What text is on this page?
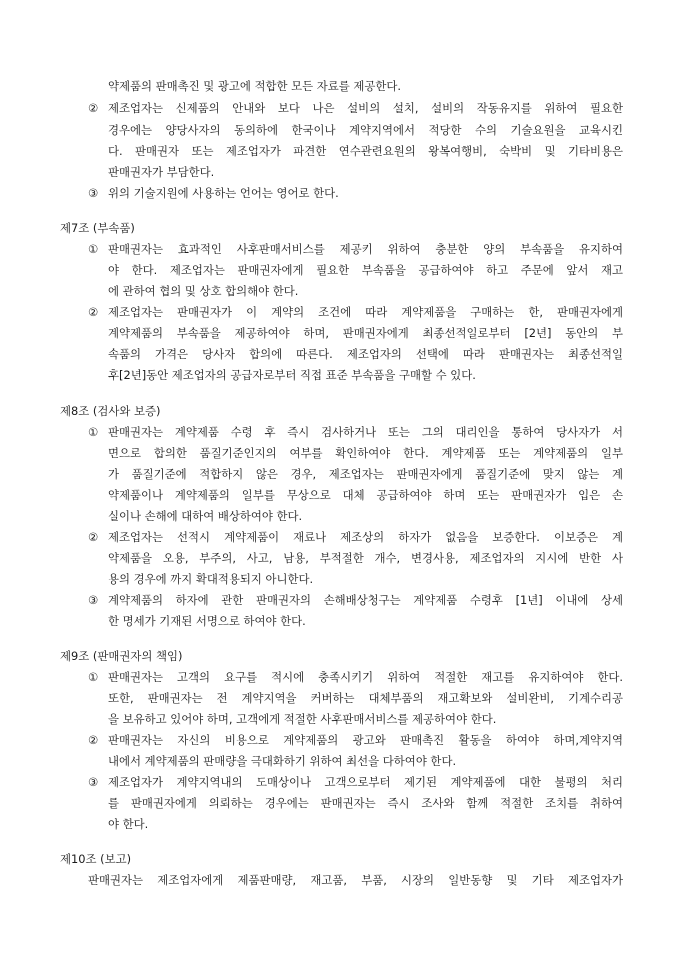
약제품의 판매촉진 및 광고에 적합한 모든 자료를 제공한다.
② 제조업자는 신제품의 안내와 보다 나은 설비의 설치, 설비의 작동유지를 위하여 필요한
경우에는 양당사자의 동의하에 한국이나 계약지역에서 적당한 수의 기술요원을 교육시킨
다. 판매권자 또는 제조업자가 파견한 연수관련요원의 왕복여행비, 숙박비 및 기타비용은
판매권자가 부담한다.
③ 위의 기술지원에 사용하는 언어는 영어로 한다.
제7조 (부속품)
① 판매권자는 효과적인 사후판매서비스를 제공키 위하여 충분한 양의 부속품을 유지하여
야 한다. 제조업자는 판매권자에게 필요한 부속품을 공급하여야 하고 주문에 앞서 재고
에 관하여 협의 및 상호 합의해야 한다.
② 제조업자는 판매권자가 이 계약의 조건에 따라 계약제품을 구매하는 한, 판매권자에게
계약제품의 부속품을 제공하여야 하며, 판매권자에게 최종선적일로부터 [2년] 동안의 부
속품의 가격은 당사자 합의에 따른다. 제조업자의 선택에 따라 판매권자는 최종선적일
후[2년]동안 제조업자의 공급자로부터 직접 표준 부속품을 구매할 수 있다.
제8조 (검사와 보증)
① 판매권자는 계약제품 수령 후 즉시 검사하거나 또는 그의 대리인을 통하여 당사자가 서
면으로 합의한 품질기준인지의 여부를 확인하여야 한다. 계약제품 또는 계약제품의 일부
가 품질기준에 적합하지 않은 경우, 제조업자는 판매권자에게 품질기준에 맞지 않는 계
약제품이나 계약제품의 일부를 무상으로 대체 공급하여야 하며 또는 판매권자가 입은 손
실이나 손해에 대하여 배상하여야 한다.
② 제조업자는 선적시 계약제품이 재료나 제조상의 하자가 없음을 보증한다. 이보증은 계
약제품을 오용, 부주의, 사고, 남용, 부적절한 개수, 변경사용, 제조업자의 지시에 반한 사
용의 경우에 까지 확대적용되지 아니한다.
③ 계약제품의 하자에 관한 판매권자의 손해배상청구는 계약제품 수령후 [1년] 이내에 상세
한 명세가 기재된 서명으로 하여야 한다.
제9조 (판매권자의 책임)
① 판매권자는 고객의 요구를 적시에 충족시키기 위하여 적절한 재고를 유지하여야 한다.
또한, 판매권자는 전 계약지역을 커버하는 대체부품의 재고확보와 설비완비, 기계수리공
을 보유하고 있어야 하며, 고객에게 적절한 사후판매서비스를 제공하여야 한다.
② 판매권자는 자신의 비용으로 계약제품의 광고와 판매촉진 활동을 하여야 하며,계약지역
내에서 계약제품의 판매량을 극대화하기 위하여 최선을 다하여야 한다.
③ 제조업자가 계약지역내의 도매상이나 고객으로부터 제기된 계약제품에 대한 불평의 처리
를 판매권자에게 의뢰하는 경우에는 판매권자는 즉시 조사와 함께 적절한 조치를 취하여
야 한다.
제10조 (보고)
판매권자는 제조업자에게 제품판매량, 재고품, 부품, 시장의 일반동향 및 기타 제조업자가
